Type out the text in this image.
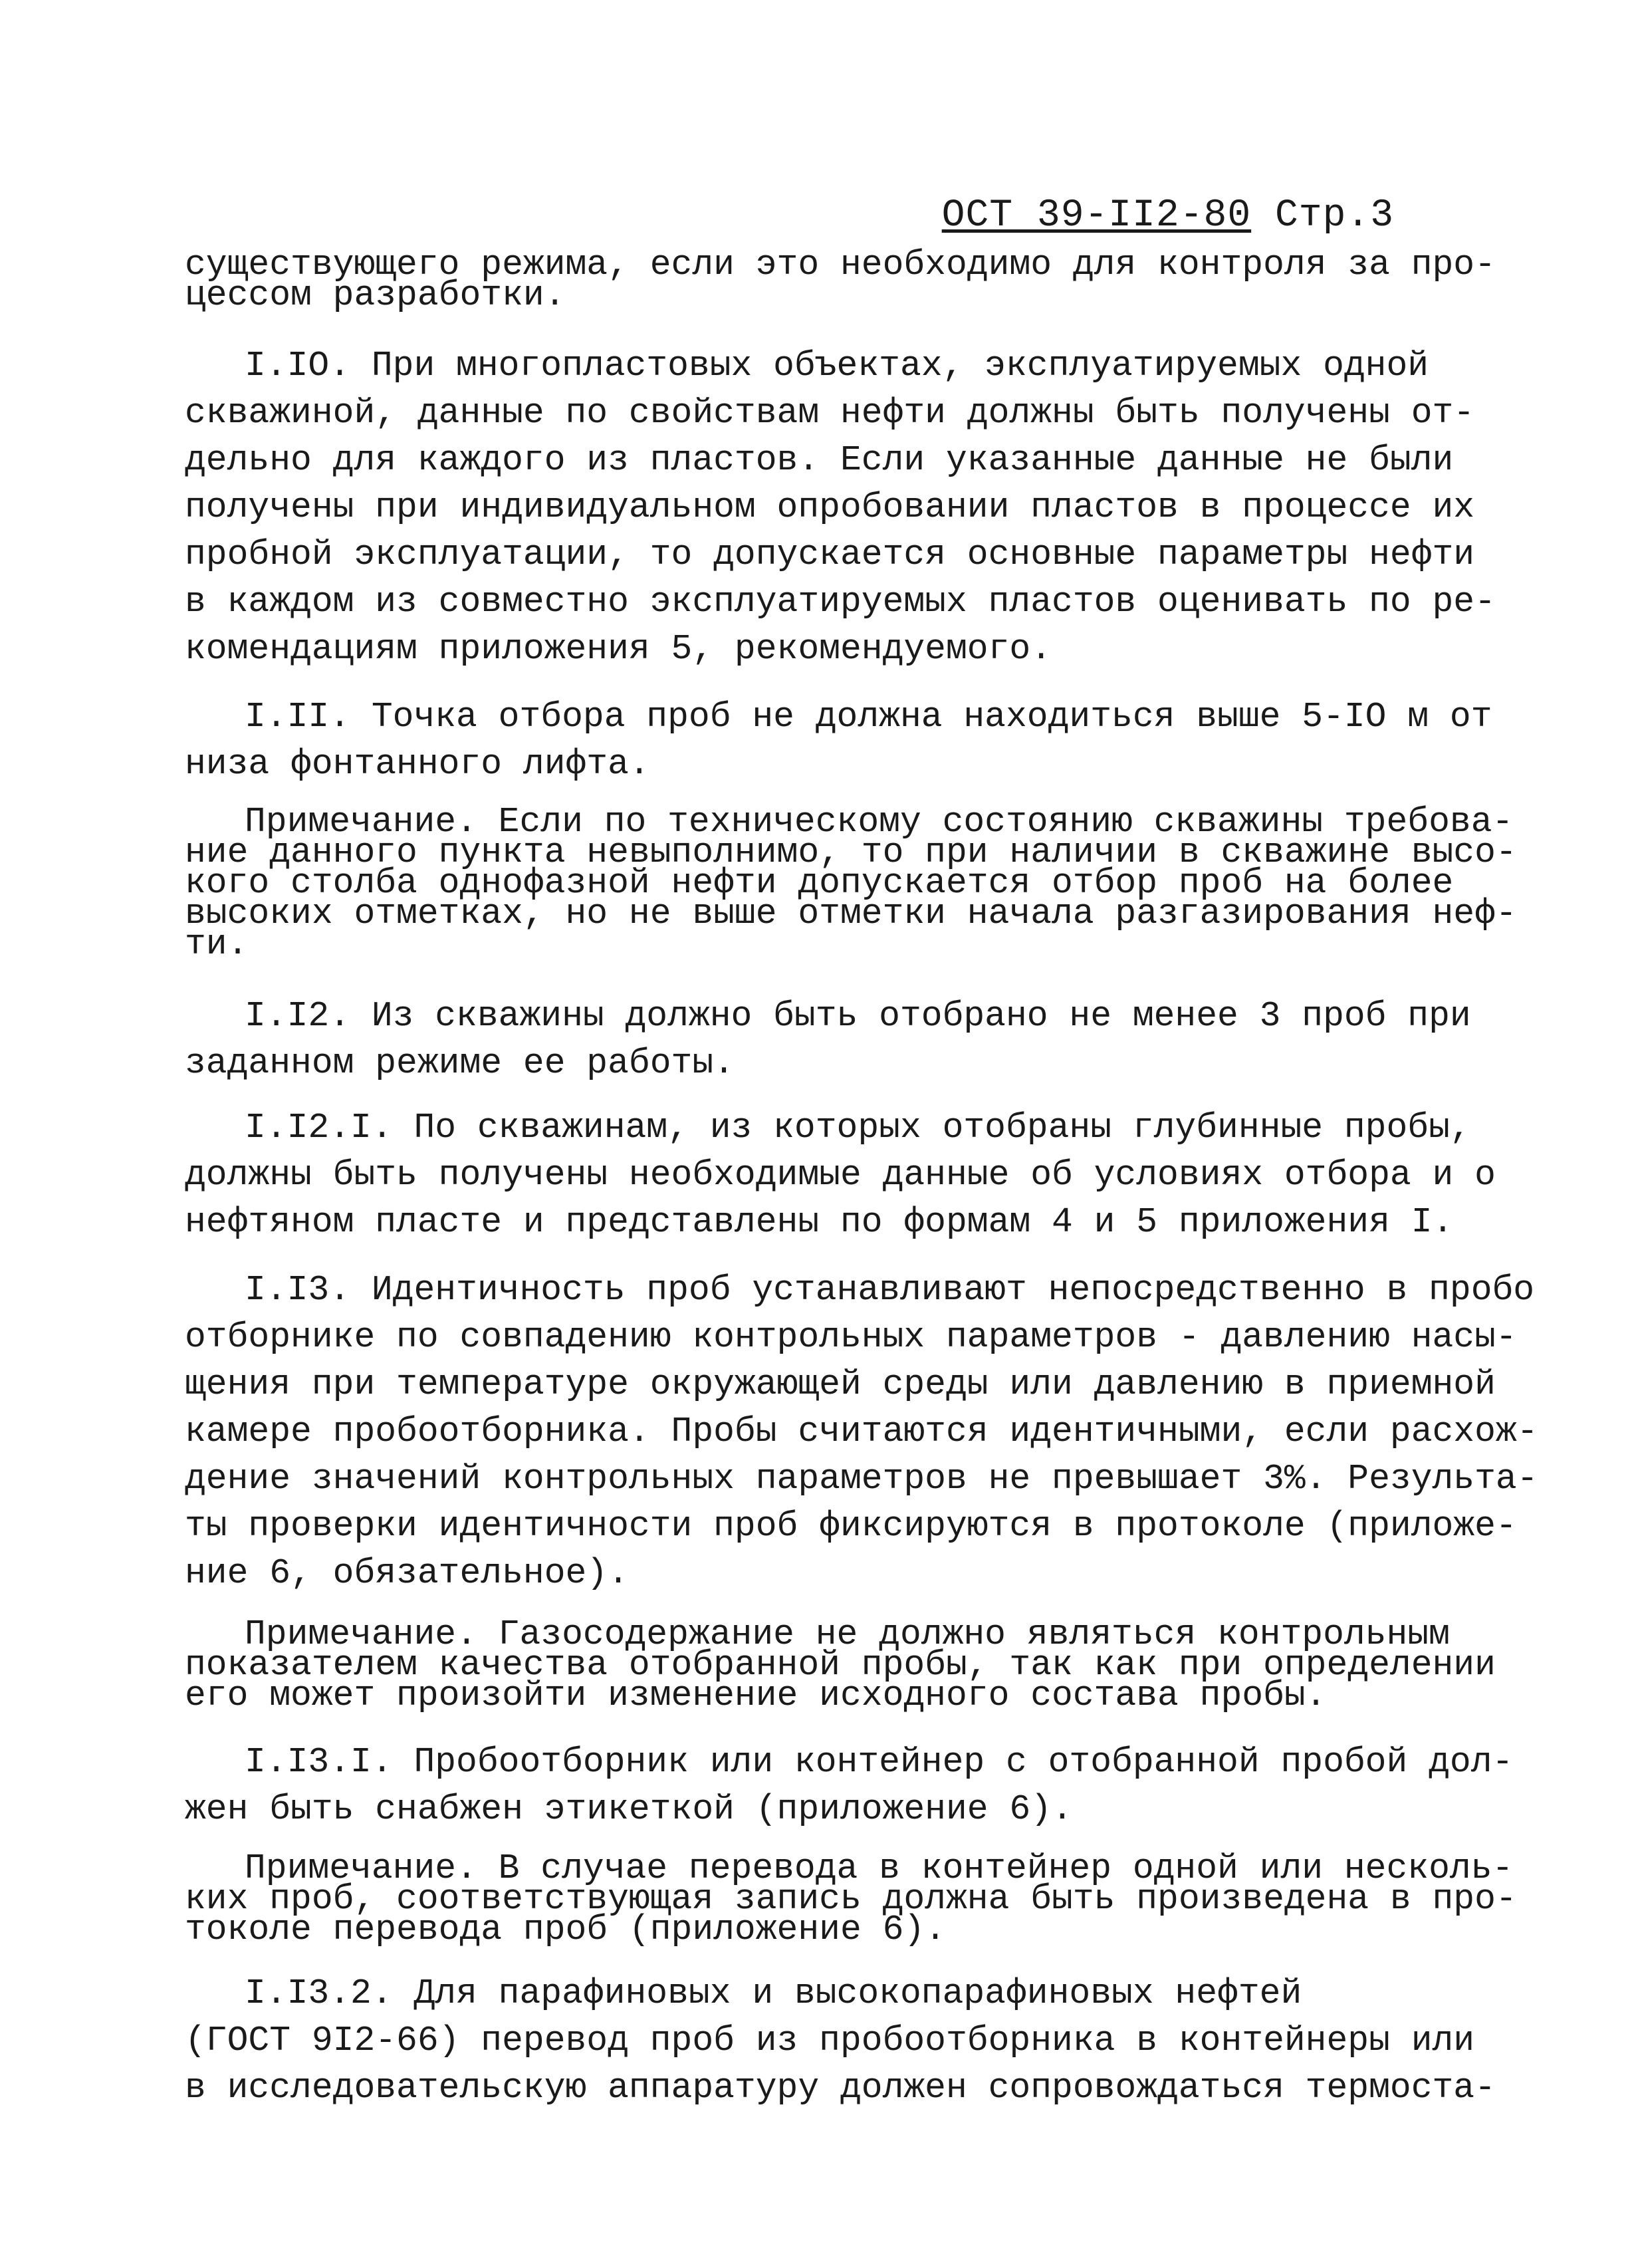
ОСТ 39-II2-80 Стр.3
существующего режима, если это необходимо для контроля за про-
цессом разработки.
I.IO. При многопластовых объектах, эксплуатируемых одной
скважиной, данные по свойствам нефти должны быть получены от-
дельно для каждого из пластов. Если указанные данные не были
получены при индивидуальном опробовании пластов в процессе их
пробной эксплуатации, то допускается основные параметры нефти
в каждом из совместно эксплуатируемых пластов оценивать по ре-
комендациям приложения 5, рекомендуемого.
I.II. Точка отбора проб не должна находиться выше 5-IO м от
низа фонтанного лифта.
Примечание. Если по техническому состоянию скважины требова-
ние данного пункта невыполнимо, то при наличии в скважине высо-
кого столба однофазной нефти допускается отбор проб на более
высоких отметках, но не выше отметки начала разгазирования неф-
ти.
I.I2. Из скважины должно быть отобрано не менее 3 проб при
заданном режиме ее работы.
I.I2.I. По скважинам, из которых отобраны глубинные пробы,
должны быть получены необходимые данные об условиях отбора и о
нефтяном пласте и представлены по формам 4 и 5 приложения I.
I.I3. Идентичность проб устанавливают непосредственно в пробо
отборнике по совпадению контрольных параметров - давлению насы-
щения при температуре окружающей среды или давлению в приемной
камере пробоотборника. Пробы считаются идентичными, если расхож-
дение значений контрольных параметров не превышает 3%. Результа-
ты проверки идентичности проб фиксируются в протоколе (приложе-
ние 6, обязательное).
Примечание. Газосодержание не должно являться контрольным
показателем качества отобранной пробы, так как при определении
его может произойти изменение исходного состава пробы.
I.I3.I. Пробоотборник или контейнер с отобранной пробой дол-
жен быть снабжен этикеткой (приложение 6).
Примечание. В случае перевода в контейнер одной или несколь-
ких проб, соответствующая запись должна быть произведена в про-
токоле перевода проб (приложение 6).
I.I3.2. Для парафиновых и высокопарафиновых нефтей
(ГОСТ 9I2-66) перевод проб из пробоотборника в контейнеры или
в исследовательскую аппаратуру должен сопровождаться термоста-
